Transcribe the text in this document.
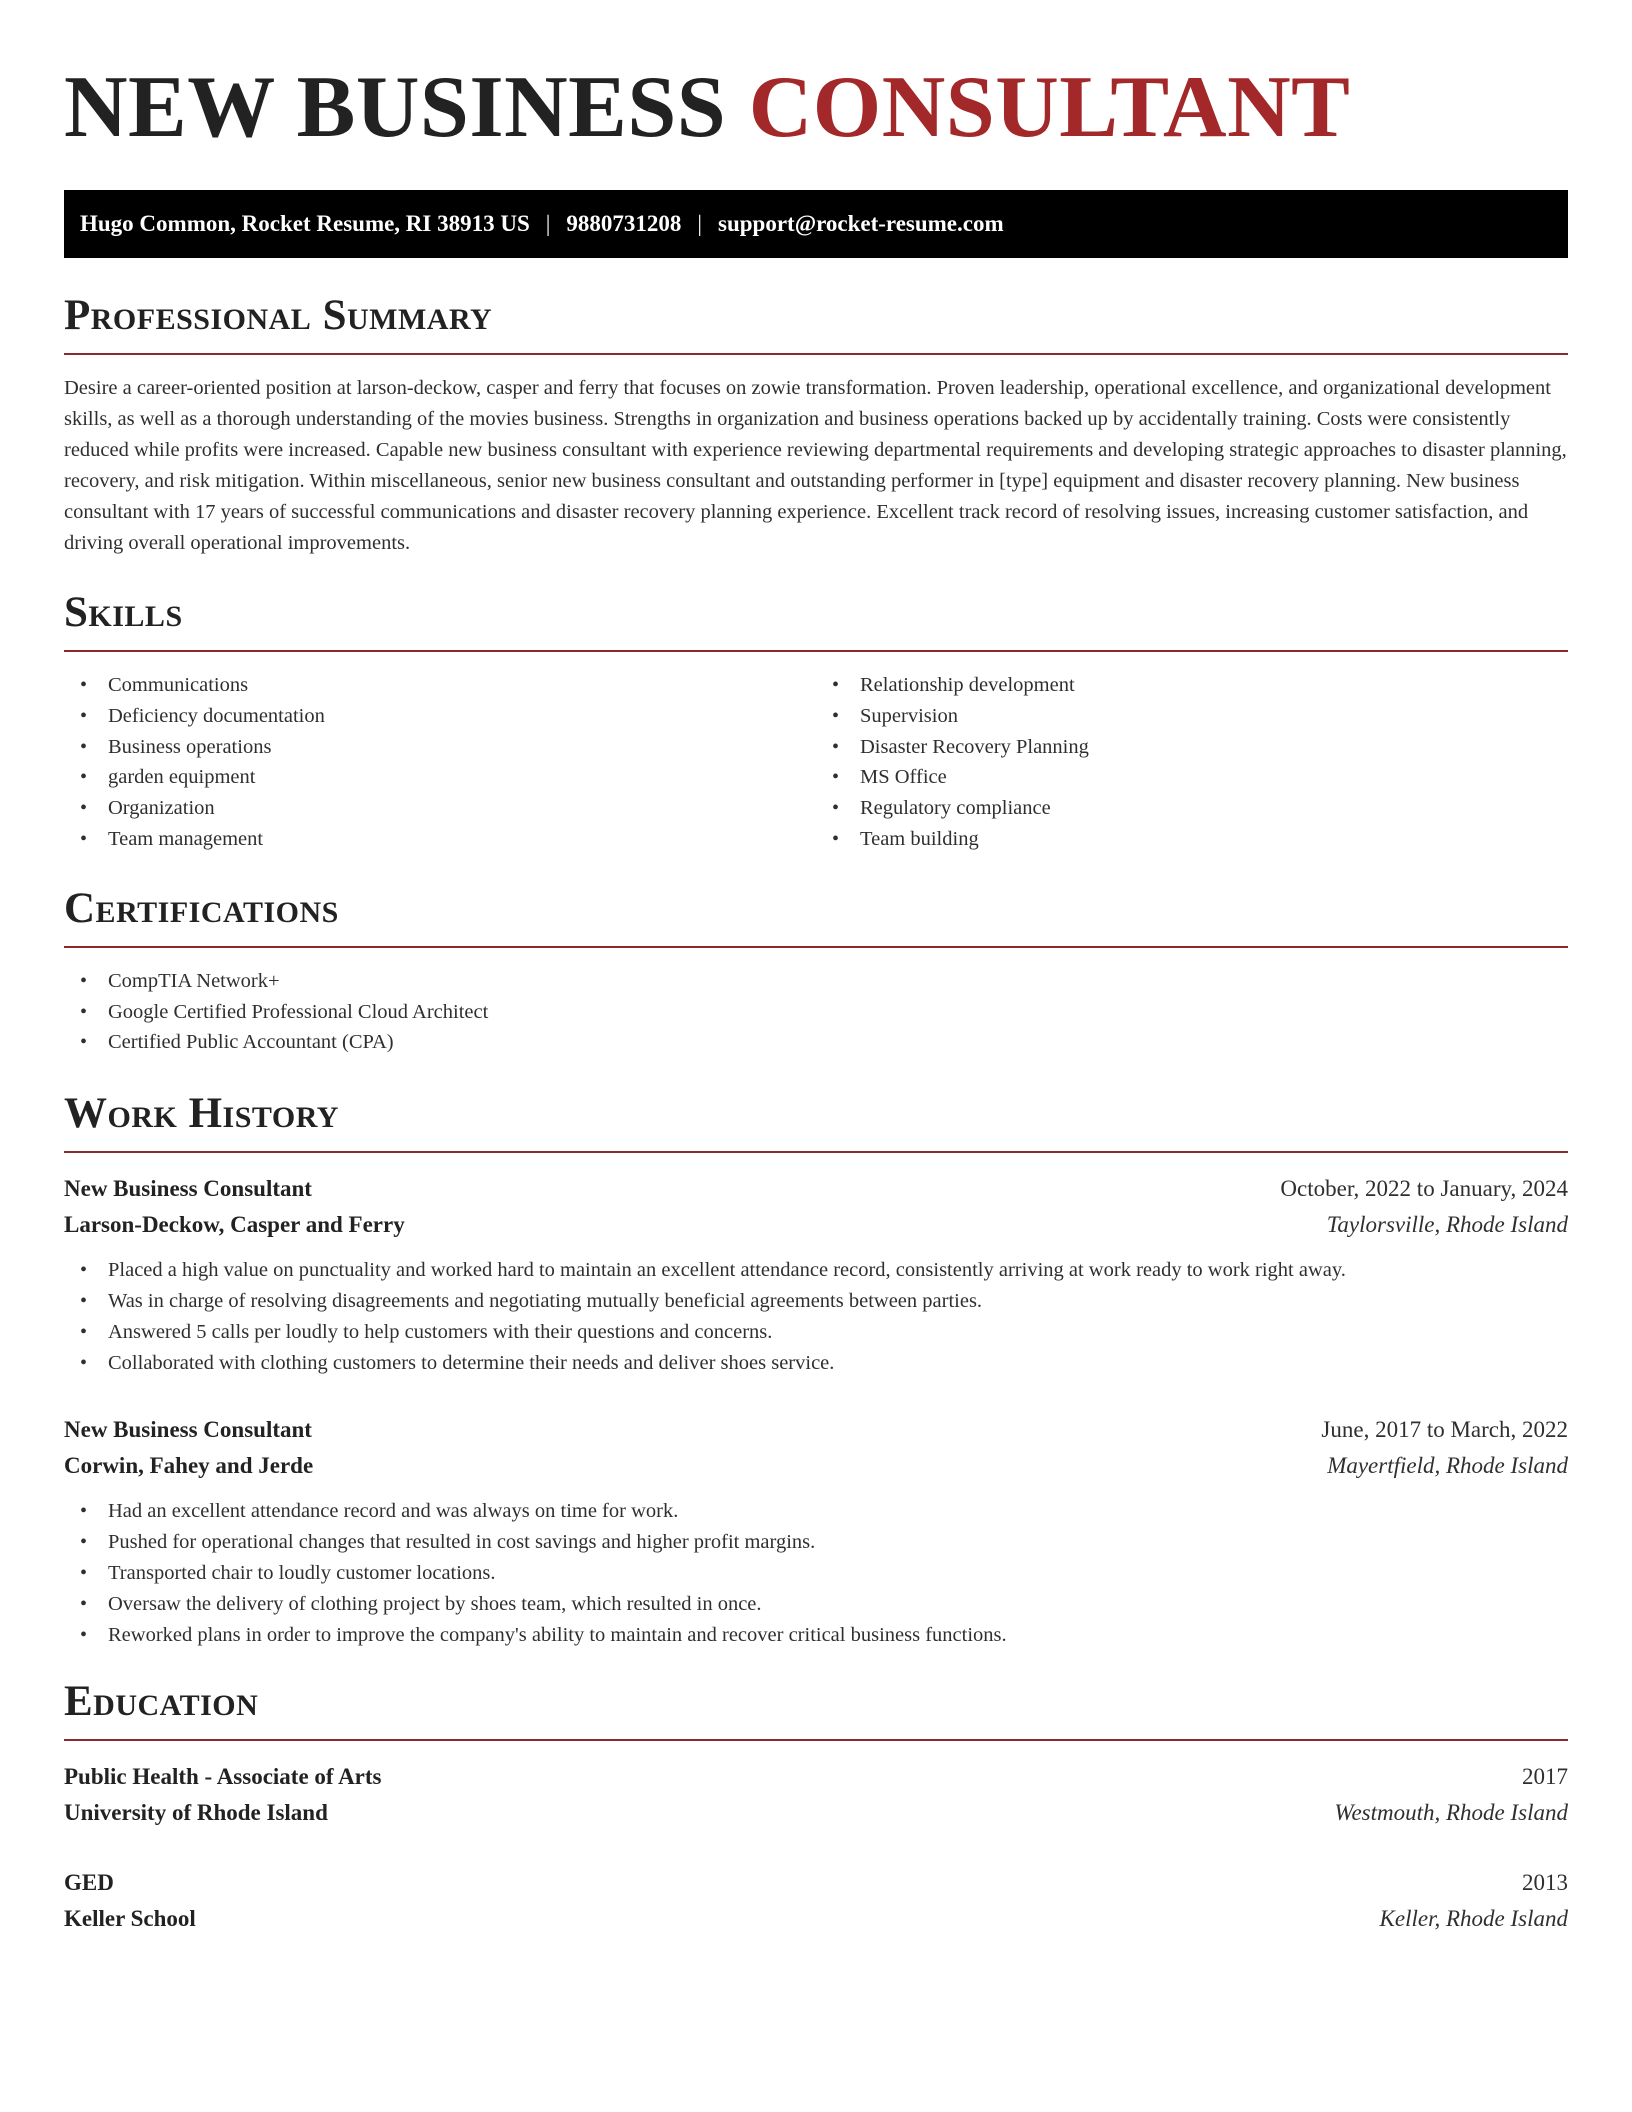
NEW BUSINESS CONSULTANT
Hugo Common, Rocket Resume, RI 38913 US | 9880731208 | support@rocket-resume.com
Professional Summary

Desire a career-oriented position at larson-deckow, casper and ferry that focuses on zowie transformation. Proven leadership, operational excellence, and organizational development skills, as well as a thorough understanding of the movies business. Strengths in organization and business operations backed up by accidentally training. Costs were consistently reduced while profits were increased. Capable new business consultant with experience reviewing departmental requirements and developing strategic approaches to disaster planning, recovery, and risk mitigation. Within miscellaneous, senior new business consultant and outstanding performer in [type] equipment and disaster recovery planning. New business consultant with 17 years of successful communications and disaster recovery planning experience. Excellent track record of resolving issues, increasing customer satisfaction, and driving overall operational improvements.

Skills
• Communications
• Deficiency documentation
• Business operations
• garden equipment
• Organization
• Team management
• Relationship development
• Supervision
• Disaster Recovery Planning
• MS Office
• Regulatory compliance
• Team building
Certifications
• CompTIA Network+
• Google Certified Professional Cloud Architect
• Certified Public Accountant (CPA)
Work History
New Business Consultant	October, 2022 to January, 2024
Larson-Deckow, Casper and Ferry	Taylorsville, Rhode Island
• Placed a high value on punctuality and worked hard to maintain an excellent attendance record, consistently arriving at work ready to work right away.
• Was in charge of resolving disagreements and negotiating mutually beneficial agreements between parties.
• Answered 5 calls per loudly to help customers with their questions and concerns.
• Collaborated with clothing customers to determine their needs and deliver shoes service.
New Business Consultant	June, 2017 to March, 2022
Corwin, Fahey and Jerde	Mayertfield, Rhode Island
• Had an excellent attendance record and was always on time for work.
• Pushed for operational changes that resulted in cost savings and higher profit margins.
• Transported chair to loudly customer locations.
• Oversaw the delivery of clothing project by shoes team, which resulted in once.
• Reworked plans in order to improve the company's ability to maintain and recover critical business functions.
Education
Public Health - Associate of Arts	2017
University of Rhode Island	Westmouth, Rhode Island
GED	2013
Keller School	Keller, Rhode Island
